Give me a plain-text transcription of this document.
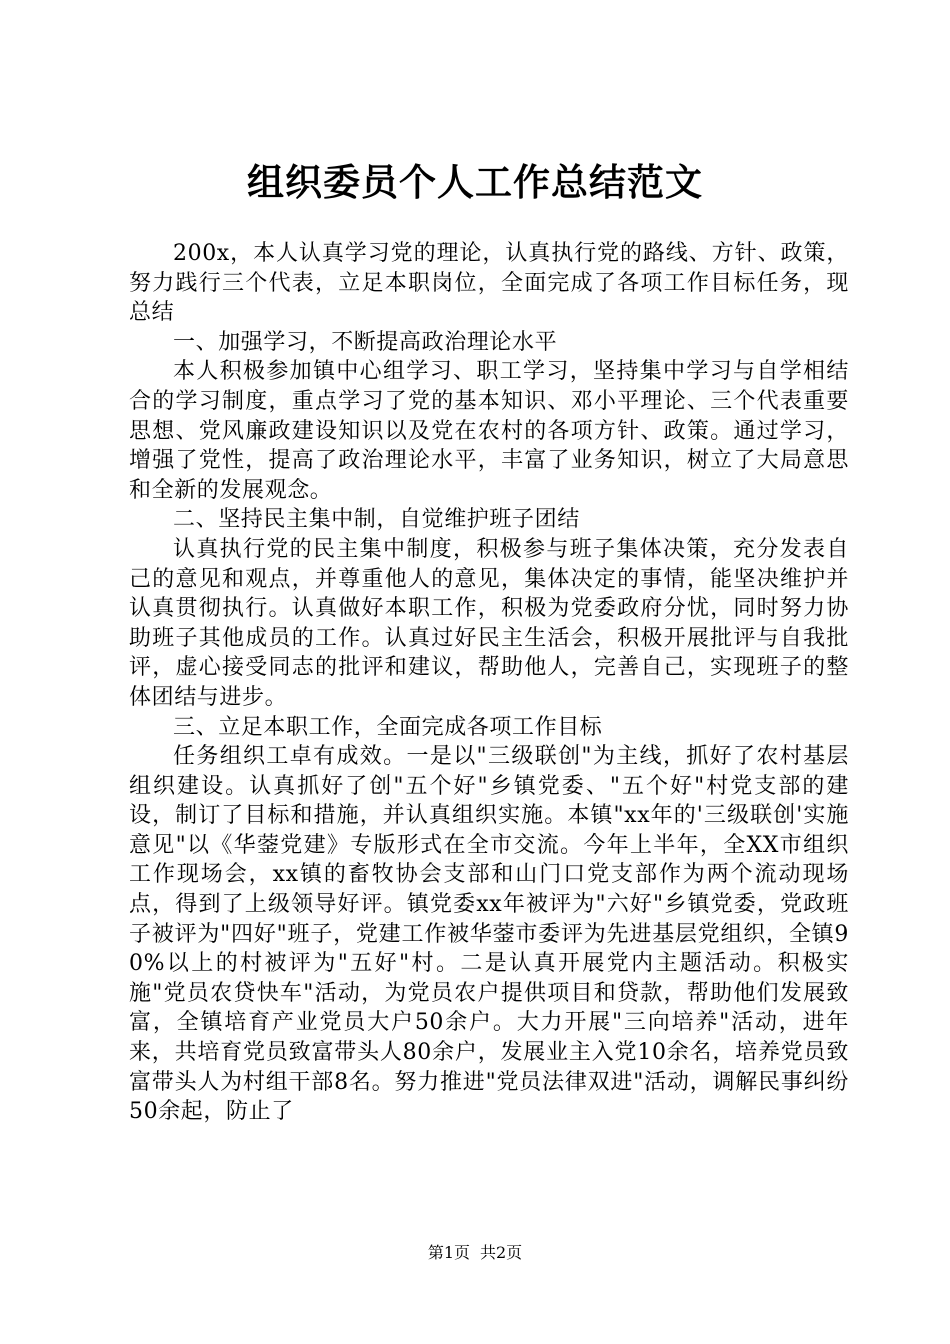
组织委员个人工作总结范文

200x，本人认真学习党的理论，认真执行党的路线、方针、政策，努力践行三个代表，立足本职岗位，全面完成了各项工作目标任务，现总结

一、加强学习，不断提高政治理论水平

本人积极参加镇中心组学习、职工学习，坚持集中学习与自学相结合的学习制度，重点学习了党的基本知识、邓小平理论、三个代表重要思想、党风廉政建设知识以及党在农村的各项方针、政策。通过学习，增强了党性，提高了政治理论水平，丰富了业务知识，树立了大局意思和全新的发展观念。

二、坚持民主集中制，自觉维护班子团结

认真执行党的民主集中制度，积极参与班子集体决策，充分发表自己的意见和观点，并尊重他人的意见，集体决定的事情，能坚决维护并认真贯彻执行。认真做好本职工作，积极为党委政府分忧，同时努力协助班子其他成员的工作。认真过好民主生活会，积极开展批评与自我批评，虚心接受同志的批评和建议，帮助他人，完善自己，实现班子的整体团结与进步。

三、立足本职工作，全面完成各项工作目标

任务组织工卓有成效。一是以"三级联创"为主线，抓好了农村基层组织建设。认真抓好了创"五个好"乡镇党委、"五个好"村党支部的建设，制订了目标和措施，并认真组织实施。本镇"xx年的'三级联创'实施意见"以《华蓥党建》专版形式在全市交流。今年上半年，全XX市组织工作现场会，xx镇的畜牧协会支部和山门口党支部作为两个流动现场点，得到了上级领导好评。镇党委xx年被评为"六好"乡镇党委，党政班子被评为"四好"班子，党建工作被华蓥市委评为先进基层党组织，全镇90%以上的村被评为"五好"村。二是认真开展党内主题活动。积极实施"党员农贷快车"活动，为党员农户提供项目和贷款，帮助他们发展致富，全镇培育产业党员大户50余户。大力开展"三向培养"活动，进年来，共培育党员致富带头人80余户，发展业主入党10余名，培养党员致富带头人为村组干部8名。努力推进"党员法律双进"活动，调解民事纠纷50余起，防止了

第1页 共2页
